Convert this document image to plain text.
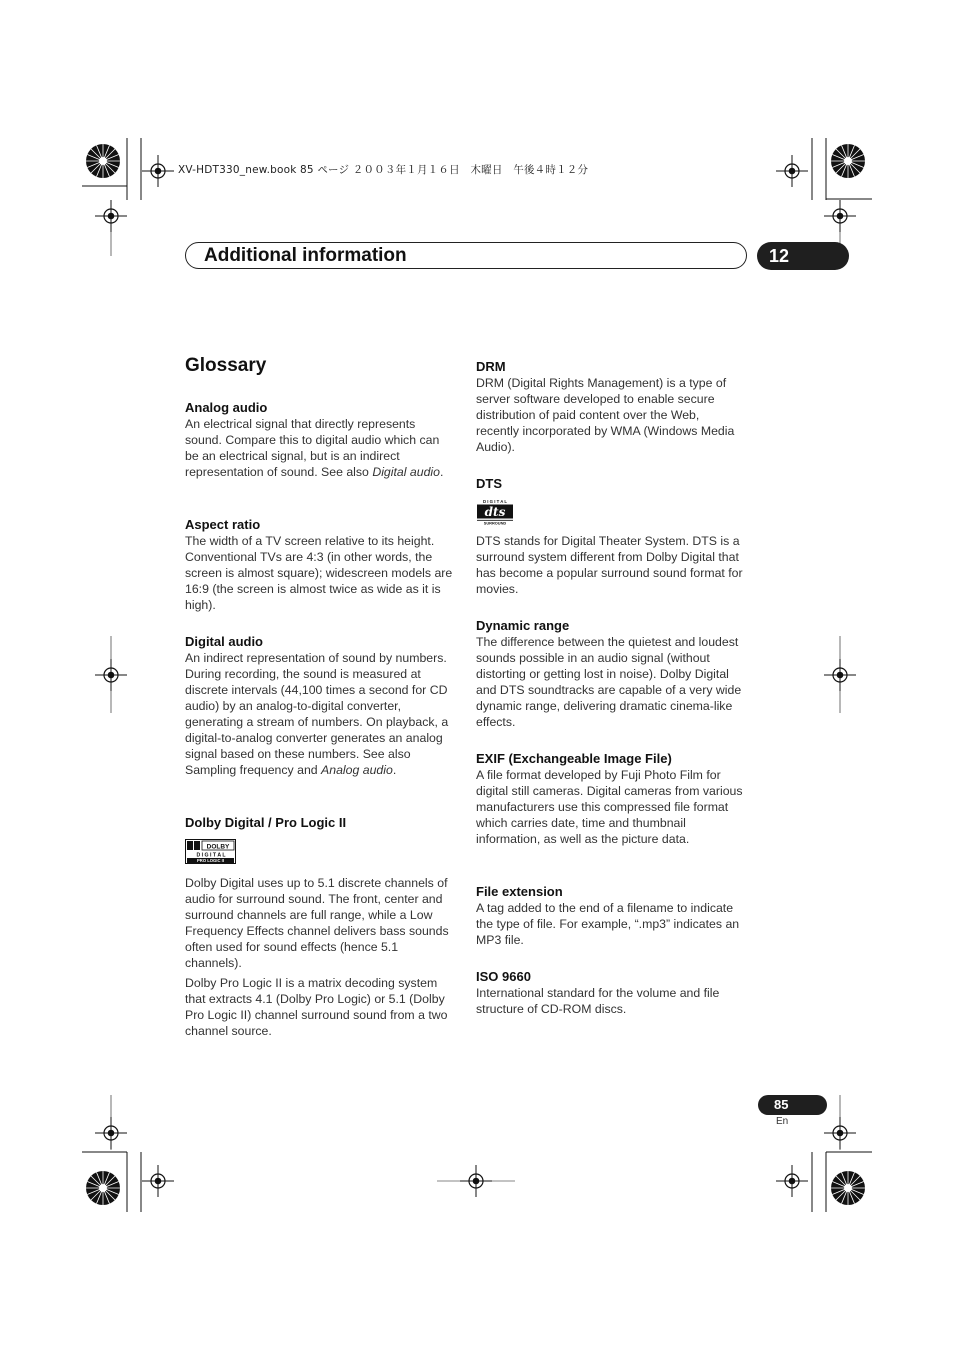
XV-HDT330_new.book 85 ページ ２００３年１月１６日　木曜日　午後４時１２分
Additional information	12
Glossary

Analog audio

An electrical signal that directly represents sound. Compare this to digital audio which can be an electrical signal, but is an indirect representation of sound. See also Digital audio.

Aspect ratio

The width of a TV screen relative to its height. Conventional TVs are 4:3 (in other words, the screen is almost square); widescreen models are 16:9 (the screen is almost twice as wide as it is high).

Digital audio

An indirect representation of sound by numbers. During recording, the sound is measured at discrete intervals (44,100 times a second for CD audio) by an analog-to-digital converter, generating a stream of numbers. On playback, a digital-to-analog converter generates an analog signal based on these numbers. See also Sampling frequency and Analog audio.

Dolby Digital / Pro Logic II

DOLBY
D I G I T A L
PRO LOGIC II

Dolby Digital uses up to 5.1 discrete channels of audio for surround sound. The front, center and surround channels are full range, while a Low Frequency Effects channel delivers bass sounds often used for sound effects (hence 5.1 channels).

Dolby Pro Logic II is a matrix decoding system that extracts 4.1 (Dolby Pro Logic) or 5.1 (Dolby Pro Logic II) channel surround sound from a two channel source.

DRM

DRM (Digital Rights Management) is a type of server software developed to enable secure distribution of paid content over the Web, recently incorporated by WMA (Windows Media Audio).

DTS

D I G I T A L
dts
SURROUND

DTS stands for Digital Theater System. DTS is a surround system different from Dolby Digital that has become a popular surround sound format for movies.

Dynamic range

The difference between the quietest and loudest sounds possible in an audio signal (without distorting or getting lost in noise). Dolby Digital and DTS soundtracks are capable of a very wide dynamic range, delivering dramatic cinema-like effects.

EXIF (Exchangeable Image File)

A file format developed by Fuji Photo Film for digital still cameras. Digital cameras from various manufacturers use this compressed file format which carries date, time and thumbnail information, as well as the picture data.

File extension

A tag added to the end of a filename to indicate the type of file. For example, “.mp3” indicates an MP3 file.

ISO 9660

International standard for the volume and file structure of CD-ROM discs.

85
En
